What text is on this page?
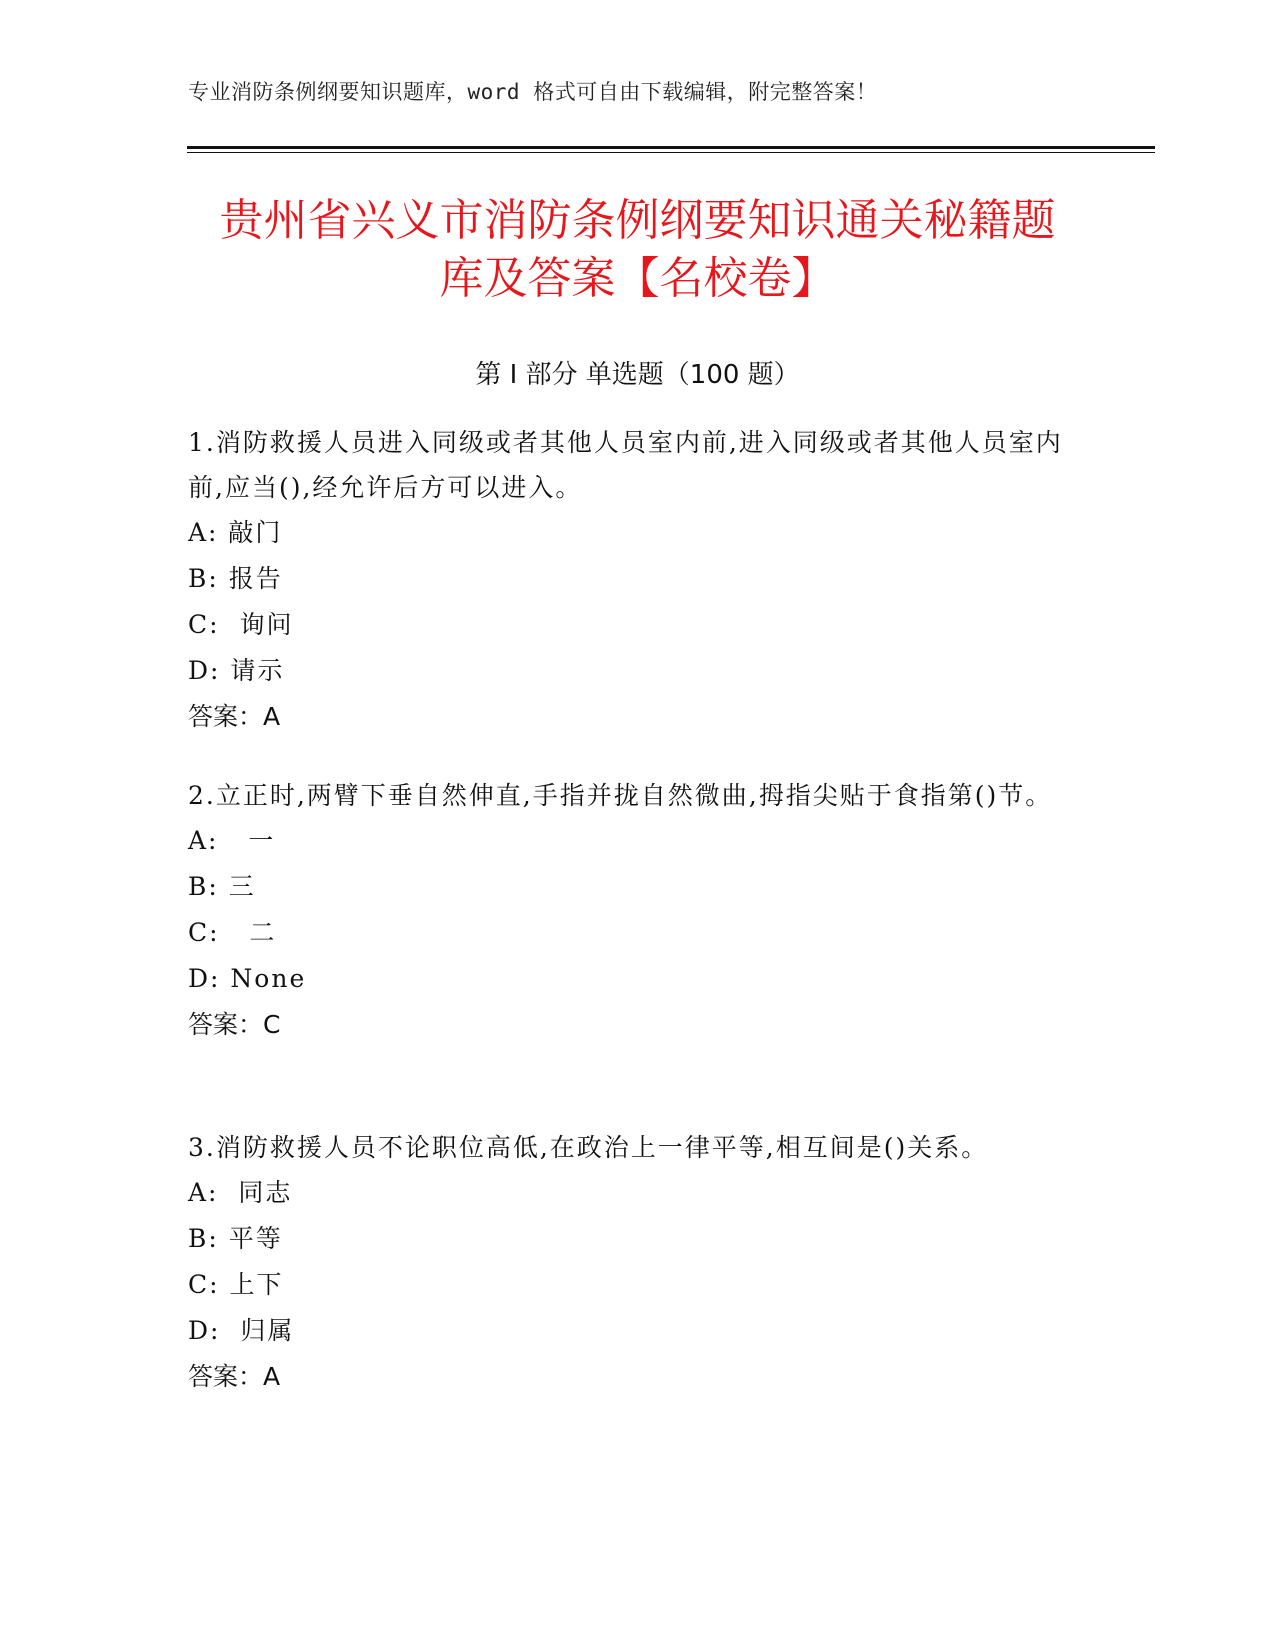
专业消防条例纲要知识题库，word 格式可自由下载编辑，附完整答案！
贵州省兴义市消防条例纲要知识通关秘籍题
库及答案【名校卷】
第 I 部分 单选题（100 题）

1.消防救援人员进入同级或者其他人员室内前,进入同级或者其他人员室内前,应当(),经允许后方可以进入。

A: 敲门

B: 报告

C:  询问

D: 请示

答案：A

2.立正时,两臂下垂自然伸直,手指并拢自然微曲,拇指尖贴于食指第()节。

A:   一

B: 三

C:   二

D: None

答案：C

3.消防救援人员不论职位高低,在政治上一律平等,相互间是()关系。

A:  同志

B: 平等

C: 上下

D:  归属

答案：A
